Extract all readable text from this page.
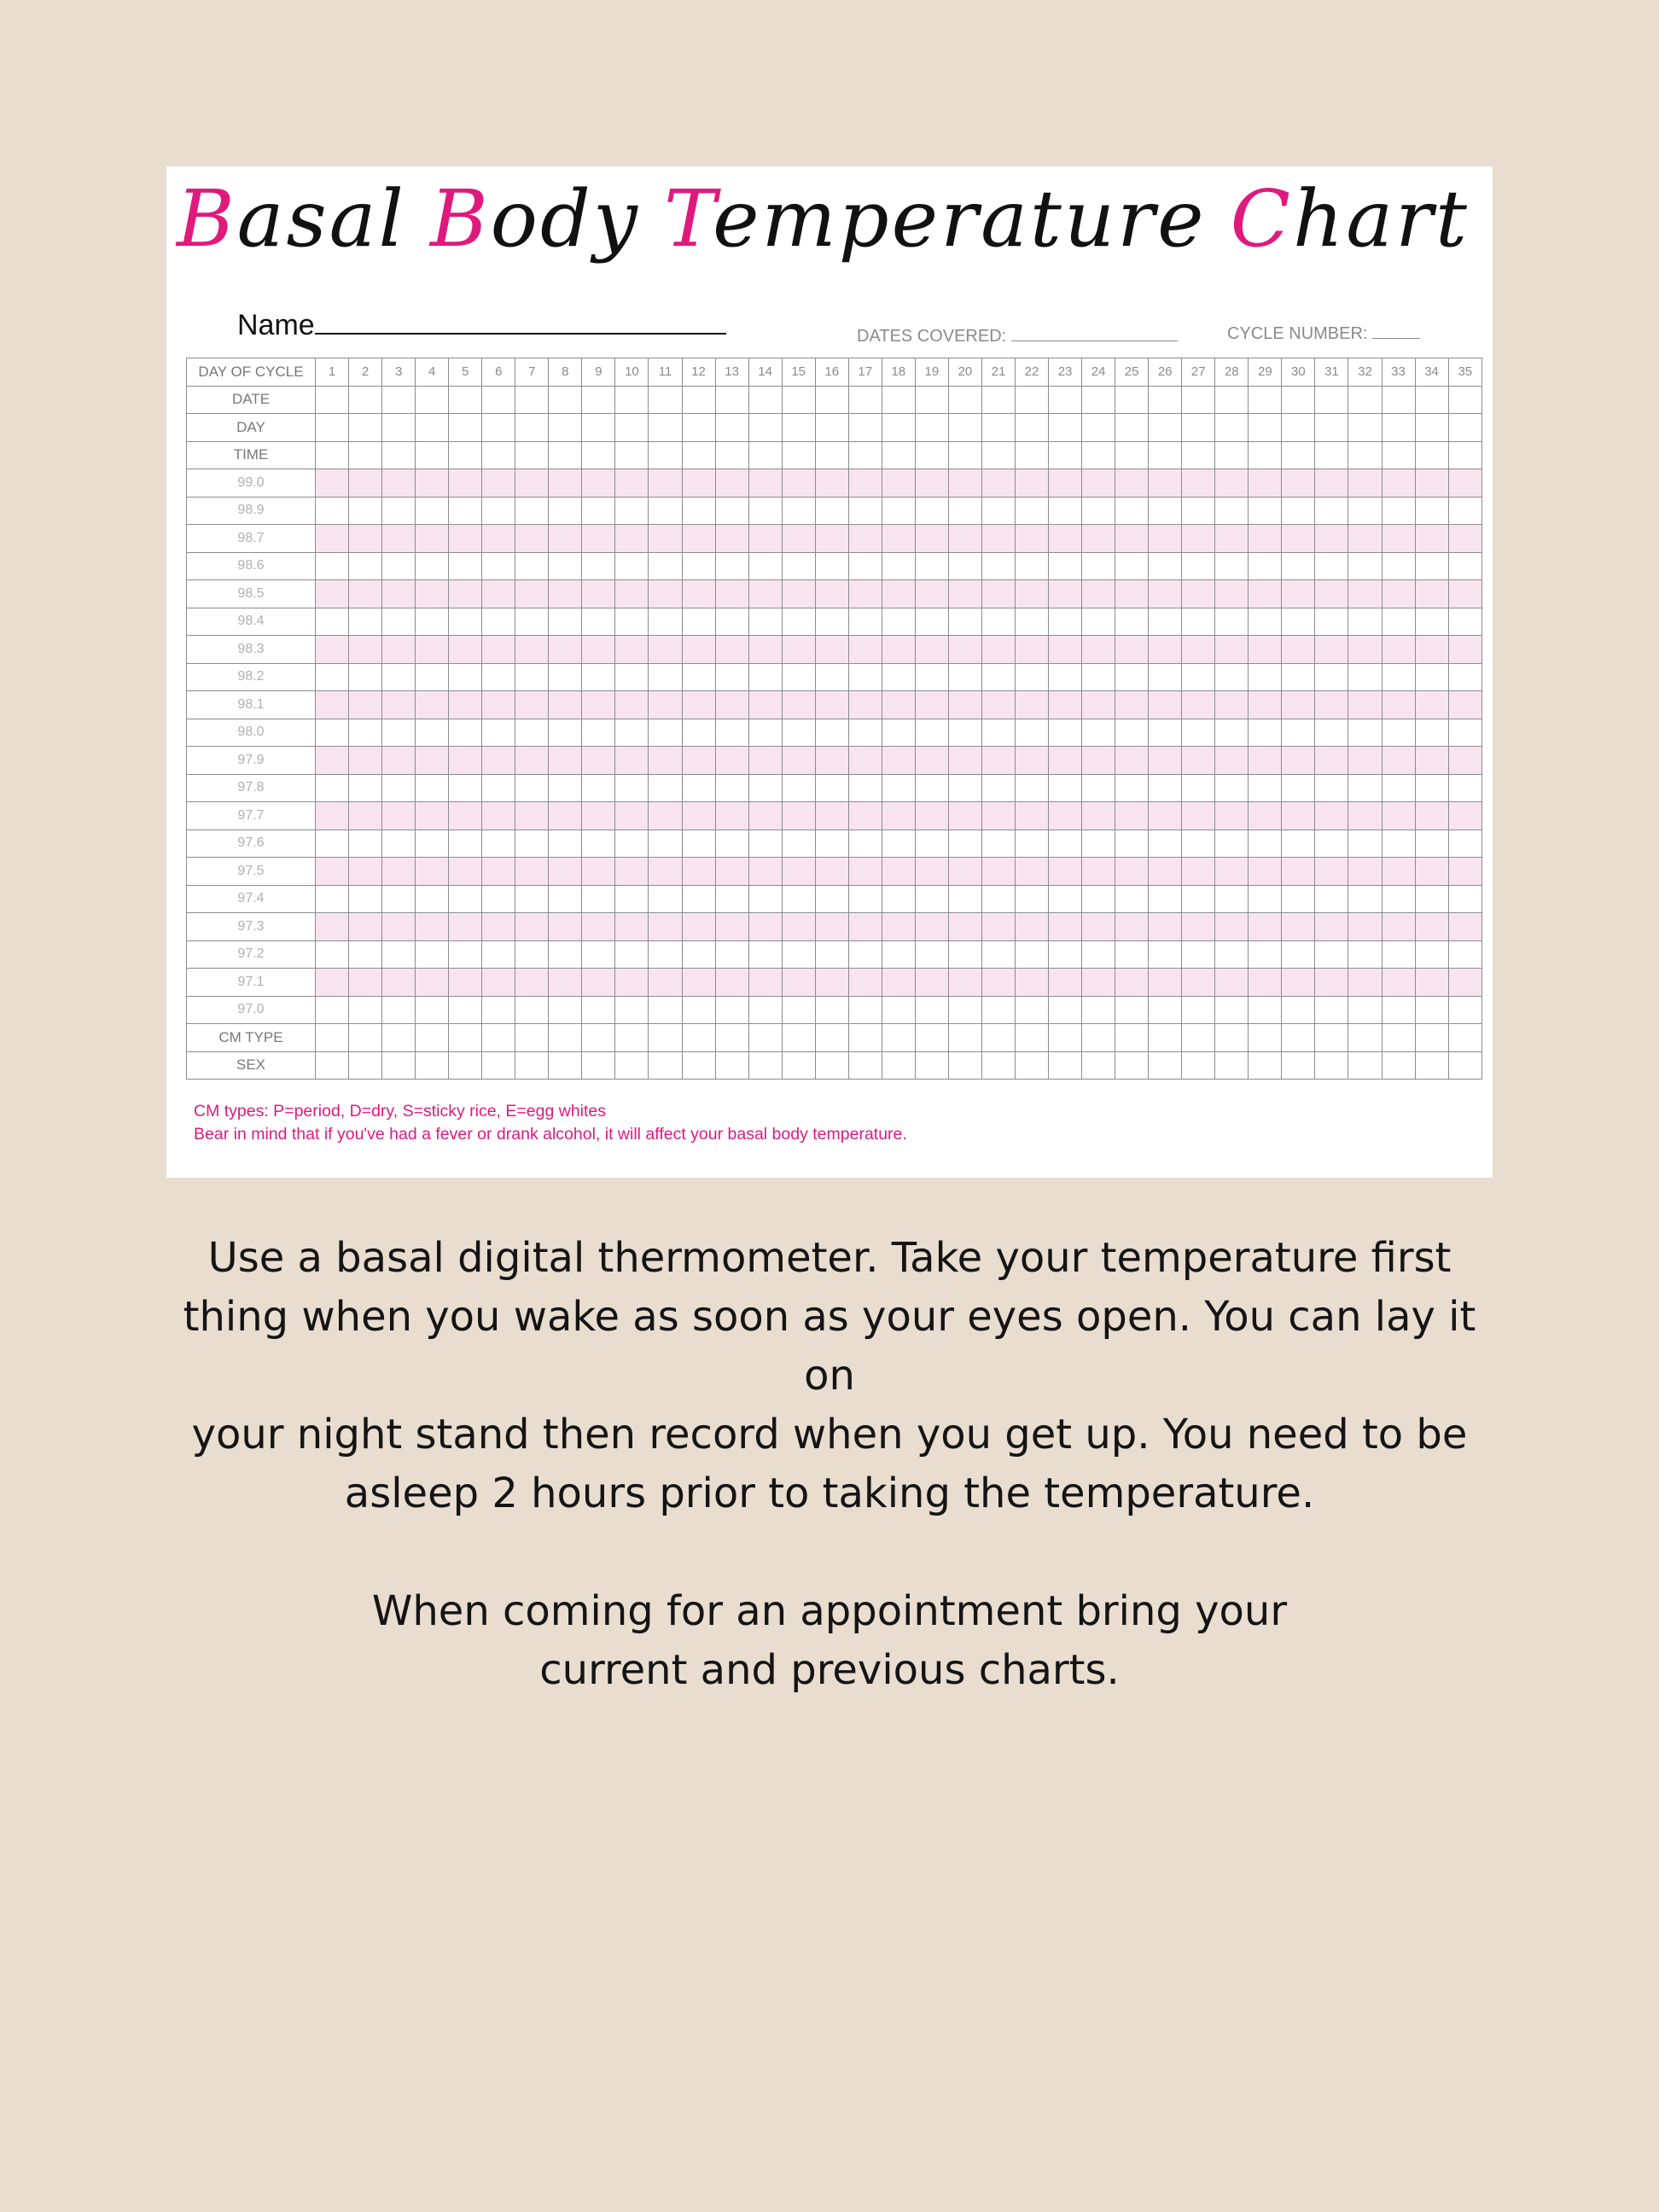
Basal Body Temperature Chart
Name	DATES COVERED:	CYCLE NUMBER:
DAY OF CYCLE	1	2	3	4	5	6	7	8	9	10	11	12	13	14	15	16	17	18	19	20	21	22	23	24	25	26	27	28	29	30	31	32	33	34	35
DATE																																			
DAY																																			
TIME																																			
99.0																																			
98.9																																			
98.7																																			
98.6																																			
98.5																																			
98.4																																			
98.3																																			
98.2																																			
98.1																																			
98.0																																			
97.9																																			
97.8																																			
97.7																																			
97.6																																			
97.5																																			
97.4																																			
97.3																																			
97.2																																			
97.1																																			
97.0																																			
CM TYPE																																			
SEX																																			
CM types: P=period, D=dry, S=sticky rice, E=egg whites
Bear in mind that if you've had a fever or drank alcohol, it will affect your basal body temperature.

Use a basal digital thermometer. Take your temperature first
thing when you wake as soon as your eyes open. You can lay it on
your night stand then record when you get up. You need to be
asleep 2 hours prior to taking the temperature.

When coming for an appointment bring your
current and previous charts.
